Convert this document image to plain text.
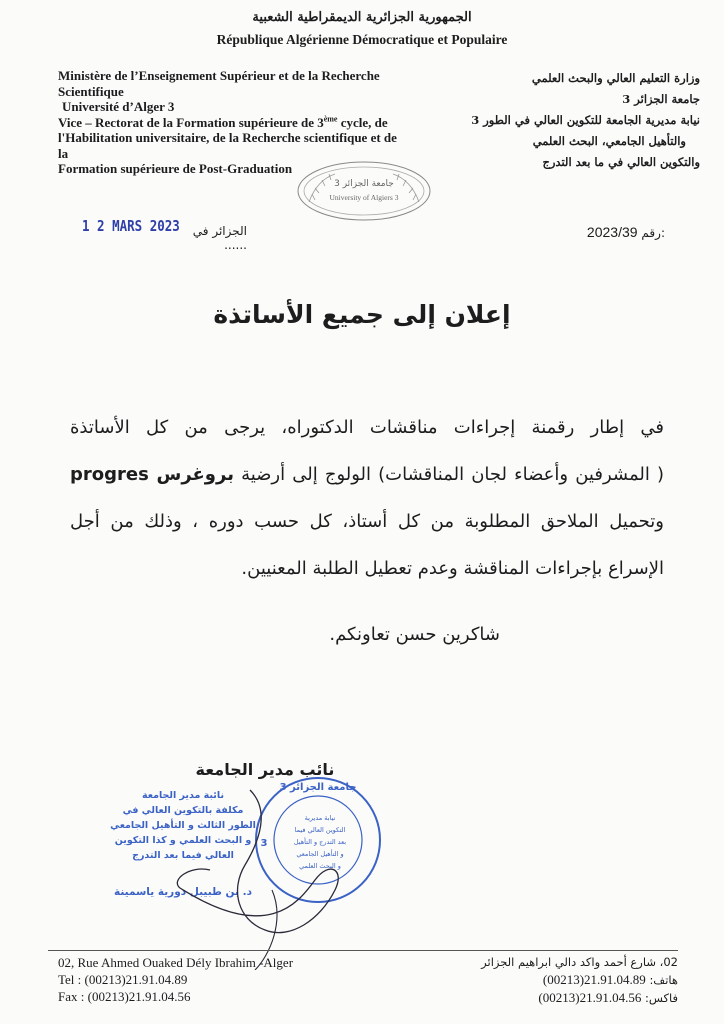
الجمهورية الجزائرية الديمقراطية الشعبية
République Algérienne Démocratique et Populaire
Ministère de l’Enseignement Supérieur et de la Recherche
Scientifique
Université d’Alger 3
Vice – Rectorat de la Formation supérieure de 3ème cycle, de
l'Habilitation universitaire, de la Recherche scientifique et de la
Formation supérieure de Post-Graduation
وزارة التعليم العالي والبحث العلمي
جامعة الجزائر 3
نيابة مديرية الجامعة للتكوين العالي في الطور 3
والتأهيل الجامعي، البحث العلمي
والتكوين العالي في ما بعد التدرج
جامعة الجزائر 3
University of Algiers 3
1 2 MARS 2023	الجزائر في ......
2023/39 رقم:
إعلان إلى جميع الأساتذة

في إطار رقمنة إجراءات مناقشات الدكتوراه، يرجى من كل الأساتذة

( المشرفين وأعضاء لجان المناقشات) الولوج إلى أرضية بروغرس progres

وتحميل الملاحق المطلوبة من كل أستاذ، كل حسب دوره ، وذلك من أجل

الإسراع بإجراءات المناقشة وعدم تعطيل الطلبة المعنيين.

شاكرين حسن تعاونكم.
نائب مدير الجامعة
نائبة مدير الجامعة
مكلفة بالتكوين العالي في
الطور الثالث و التأهيل الجامعي
و البحث العلمي و كذا التكوين
العالي فيما بعد التدرج
د. بن طبيبل دورية ياسمينة
جامعة الجزائر 3
3
نيابة مديرية
التكوين العالي فيما
بعد التدرج و التأهيل
و التأهيل الجامعي
و البحث العلمي
02, Rue Ahmed Ouaked Dély Ibrahim -Alger
Tel : (00213)21.91.04.89
Fax : (00213)21.91.04.56
02، شارع أحمد واكد دالي ابراهيم الجزائر
هاتف: (00213)21.91.04.89
فاكس: (00213)21.91.04.56
